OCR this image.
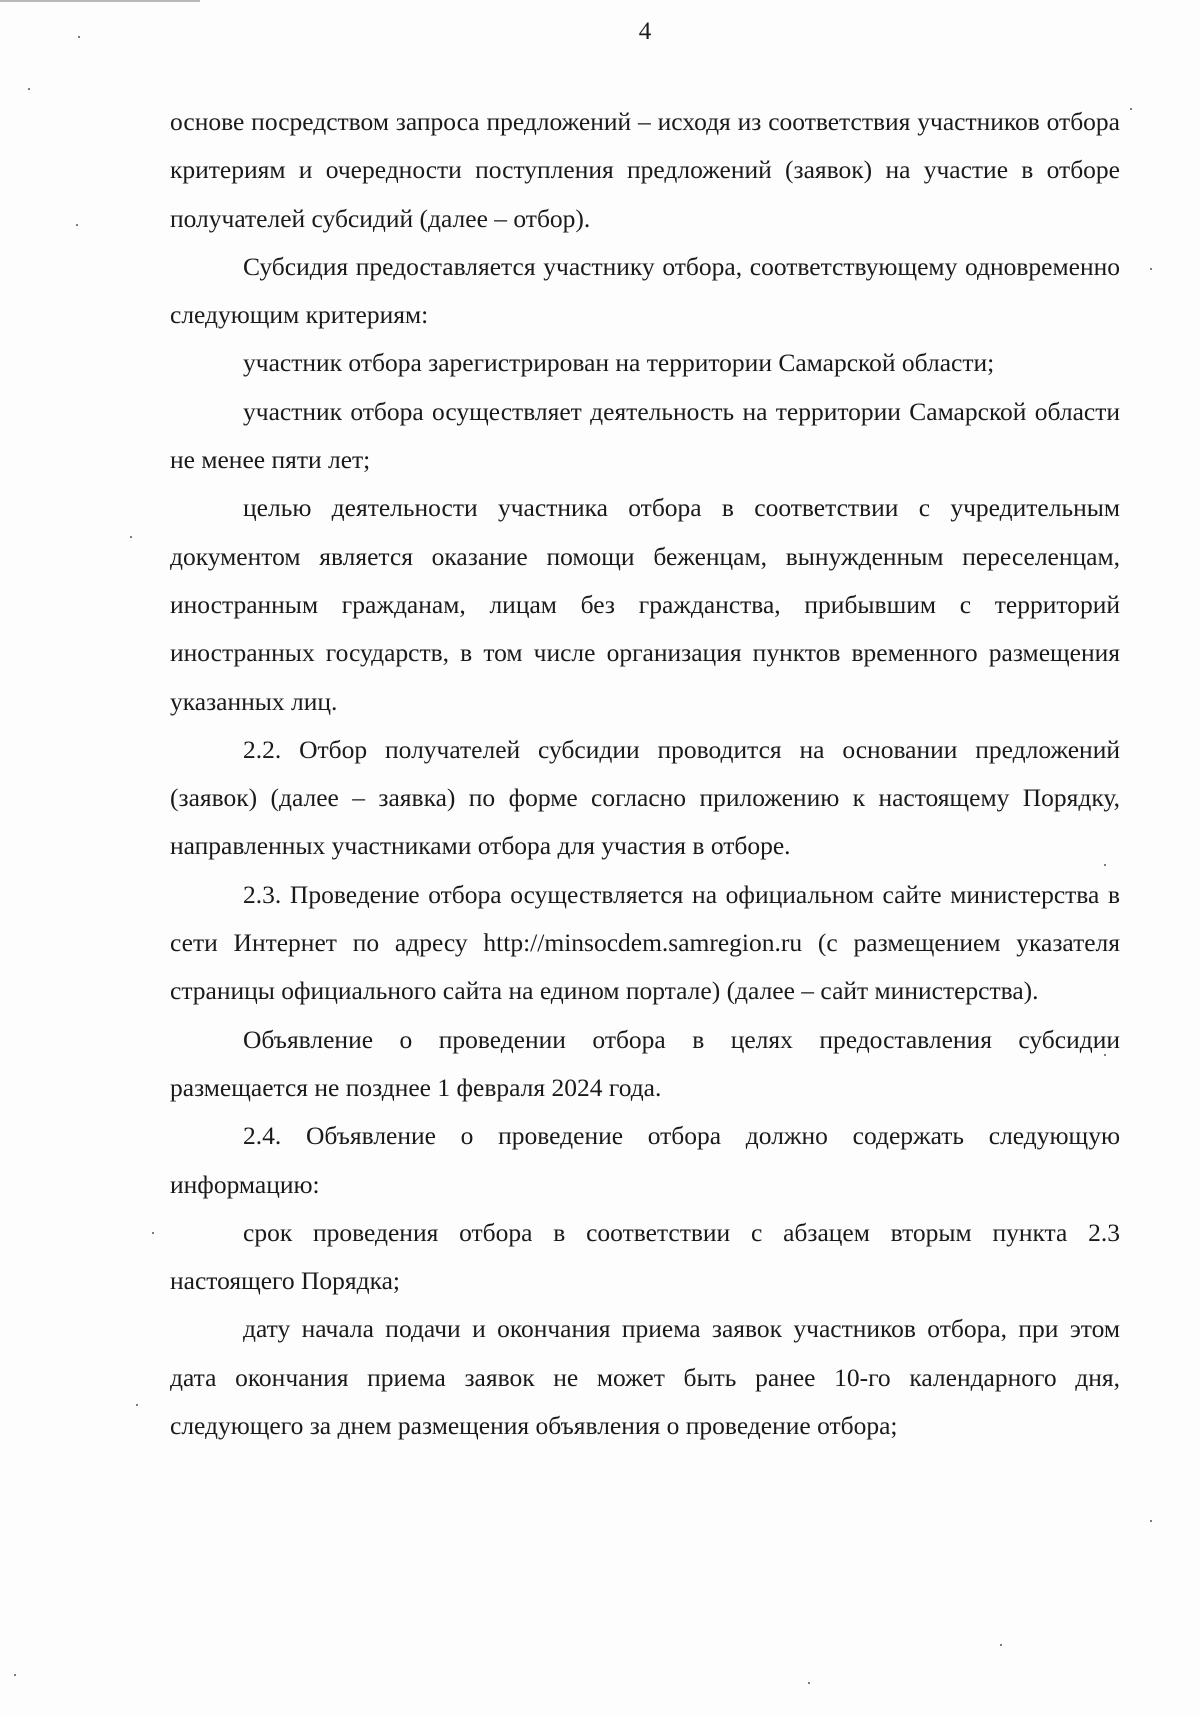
4

основе посредством запроса предложений – исходя из соответствия участников отбора критериям и очередности поступления предложений (заявок) на участие в отборе получателей субсидий (далее – отбор).

Субсидия предоставляется участнику отбора, соответствующему одновременно следующим критериям:

участник отбора зарегистрирован на территории Самарской области;

участник отбора осуществляет деятельность на территории Самарской области не менее пяти лет;

целью деятельности участника отбора в соответствии с учредительным документом является оказание помощи беженцам, вынужденным переселенцам, иностранным гражданам, лицам без гражданства, прибывшим с территорий иностранных государств, в том числе организация пунктов временного размещения указанных лиц.

2.2. Отбор получателей субсидии проводится на основании предложений (заявок) (далее – заявка) по форме согласно приложению к настоящему Порядку, направленных участниками отбора для участия в отборе.

2.3. Проведение отбора осуществляется на официальном сайте министерства в сети Интернет по адресу http://minsocdem.samregion.ru (с размещением указателя страницы официального сайта на едином портале) (далее – сайт министерства).

Объявление о проведении отбора в целях предоставления субсидии размещается не позднее 1 февраля 2024 года.

2.4. Объявление о проведение отбора должно содержать следующую информацию:

срок проведения отбора в соответствии с абзацем вторым пункта 2.3 настоящего Порядка;

дату начала подачи и окончания приема заявок участников отбора, при этом дата окончания приема заявок не может быть ранее 10-го календарного дня, следующего за днем размещения объявления о проведение отбора;
